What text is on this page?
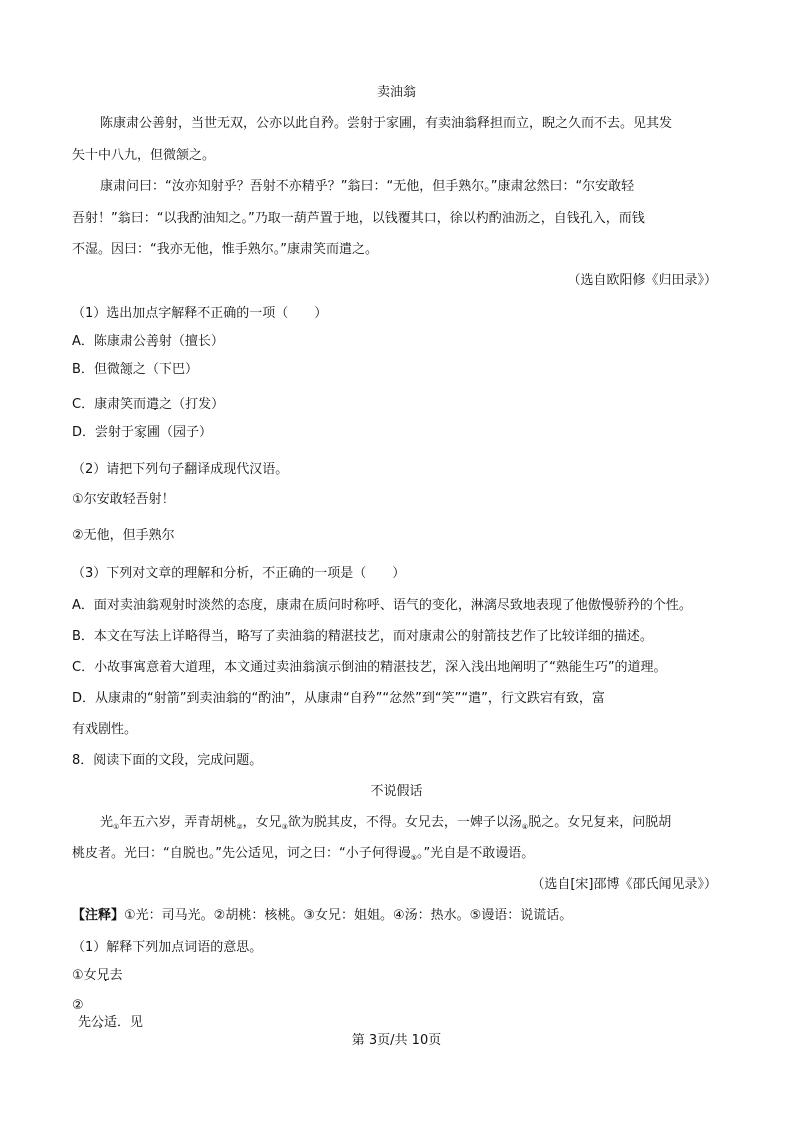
卖油翁
陈康肃公善射，当世无双，公亦以此自矜。尝射于家圃，有卖油翁释担而立，睨之久而不去。见其发
矢十中八九，但微颔之。
康肃问曰：“汝亦知射乎？吾射不亦精乎？”翁曰：“无他，但手熟尔。”康肃忿然曰：“尔安敢轻
吾射！”翁曰：“以我酌油知之。”乃取一葫芦置于地，以钱覆其口，徐以杓酌油沥之，自钱孔入，而钱
不湿。因曰：“我亦无他，惟手熟尔。”康肃笑而遣之。
（选自欧阳修《归田录》）
（1）选出加点字解释不正确的一项（　　）
A．陈康肃公善射 .（擅长）
B．但微颔之 .（下巴）
C．康肃笑而遣之 .（打发）
D．尝射于家圃 .（园子）
（2）请把下列句子翻译成现代汉语。
①尔安敢轻吾射！
②无他，但手熟尔
（3）下列对文章的理解和分析，不正确的一项是（　　）
A．面对卖油翁观射时淡然的态度，康肃在质问时称呼、语气的变化，淋漓尽致地表现了他傲慢骄矜的个性。
B．本文在写法上详略得当，略写了卖油翁的精湛技艺，而对康肃公的射箭技艺作了比较详细的描述。
C．小故事寓意着大道理，本文通过卖油翁演示倒油的精湛技艺，深入浅出地阐明了“熟能生巧”的道理。
D．从康肃的“射箭”到卖油翁的“酌油”，从康肃“自矜”“忿然”到“笑”“遣”，行文跌宕有致，富
有戏剧性。
8．阅读下面的文段，完成问题。
不说假话
光$_①$年五六岁，弄青胡桃$_②$，女兄$_③$欲为脱其皮，不得。女兄去，一婢子以汤$_④$脱之。女兄复来，问脱胡
桃皮者。光曰：“自脱也。”先公适见，诃之曰：“小子何得谩$_⑤$。”光自是不敢谩语。
（选自[宋]邵博《邵氏闻见录》）
【注释】①光：司马光。②胡桃：核桃。③女兄：姐姐。④汤：热水。⑤谩语：说谎话。
（1）解释下列加点词语的意思。
①女兄去 .
②
先公适 .．见
第 3页/共 10页
